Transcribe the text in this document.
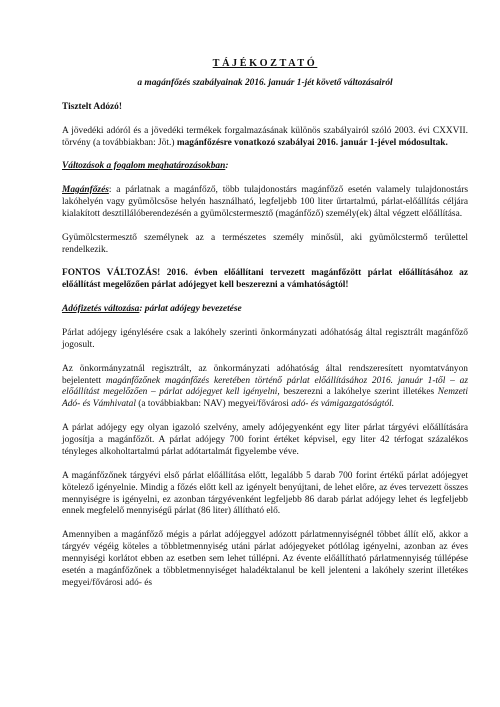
TÁJÉKOZTATÓ

a magánfőzés szabályainak 2016. január 1-jét követő változásairól

Tisztelt Adózó!

A jövedéki adóról és a jövedéki termékek forgalmazásának különös szabályairól szóló 2003. évi CXXVII. törvény (a továbbiakban: Jöt.) magánfőzésre vonatkozó szabályai 2016. január 1-jével módosultak.

Változások a fogalom meghatározásokban:

Magánfőzés: a párlatnak a magánfőző, több tulajdonostárs magánfőző esetén valamely tulajdonostárs lakóhelyén vagy gyümölcsöse helyén használható, legfeljebb 100 liter űrtartalmú, párlat-előállítás céljára kialakított desztillálóberendezésén a gyümölcstermesztő (magánfőző) személy(ek) által végzett előállítása.

Gyümölcstermesztő személynek az a természetes személy minősül, aki gyümölcstermő területtel rendelkezik.

FONTOS VÁLTOZÁS! 2016. évben előállítani tervezett magánfőzött párlat előállításához az előállítást megelőzően párlat adójegyet kell beszerezni a vámhatóságtól!

Adófizetés változása: párlat adójegy bevezetése

Párlat adójegy igénylésére csak a lakóhely szerinti önkormányzati adóhatóság által regisztrált magánfőző jogosult.

Az önkormányzatnál regisztrált, az önkormányzati adóhatóság által rendszeresített nyomtatványon bejelentett magánfőzőnek magánfőzés keretében történő párlat előállításához 2016. január 1-től – az előállítást megelőzően – párlat adójegyet kell igényelni, beszerezni a lakóhelye szerint illetékes Nemzeti Adó- és Vámhivatal (a továbbiakban: NAV) megyei/fővárosi adó- és vámigazgatóságtól.

A párlat adójegy egy olyan igazoló szelvény, amely adójegyenként egy liter párlat tárgyévi előállítására jogosítja a magánfőzőt. A párlat adójegy 700 forint értéket képvisel, egy liter 42 térfogat százalékos tényleges alkoholtartalmú párlat adótartalmát figyelembe véve.

A magánfőzőnek tárgyévi első párlat előállítása előtt, legalább 5 darab 700 forint értékű párlat adójegyet kötelező igényelnie. Mindig a főzés előtt kell az igényelt benyújtani, de lehet előre, az éves tervezett összes mennyiségre is igényelni, ez azonban tárgyévenként legfeljebb 86 darab párlat adójegy lehet és legfeljebb ennek megfelelő mennyiségű párlat (86 liter) állítható elő.

Amennyiben a magánfőző mégis a párlat adójeggyel adózott párlatmennyiségnél többet állít elő, akkor a tárgyév végéig köteles a többletmennyiség utáni párlat adójegyeket pótlólag igényelni, azonban az éves mennyiségi korlátot ebben az esetben sem lehet túllépni. Az évente előállítható párlatmennyiség túllépése esetén a magánfőzőnek a többletmennyiséget haladéktalanul be kell jelenteni a lakóhely szerint illetékes megyei/fővárosi adó- és
